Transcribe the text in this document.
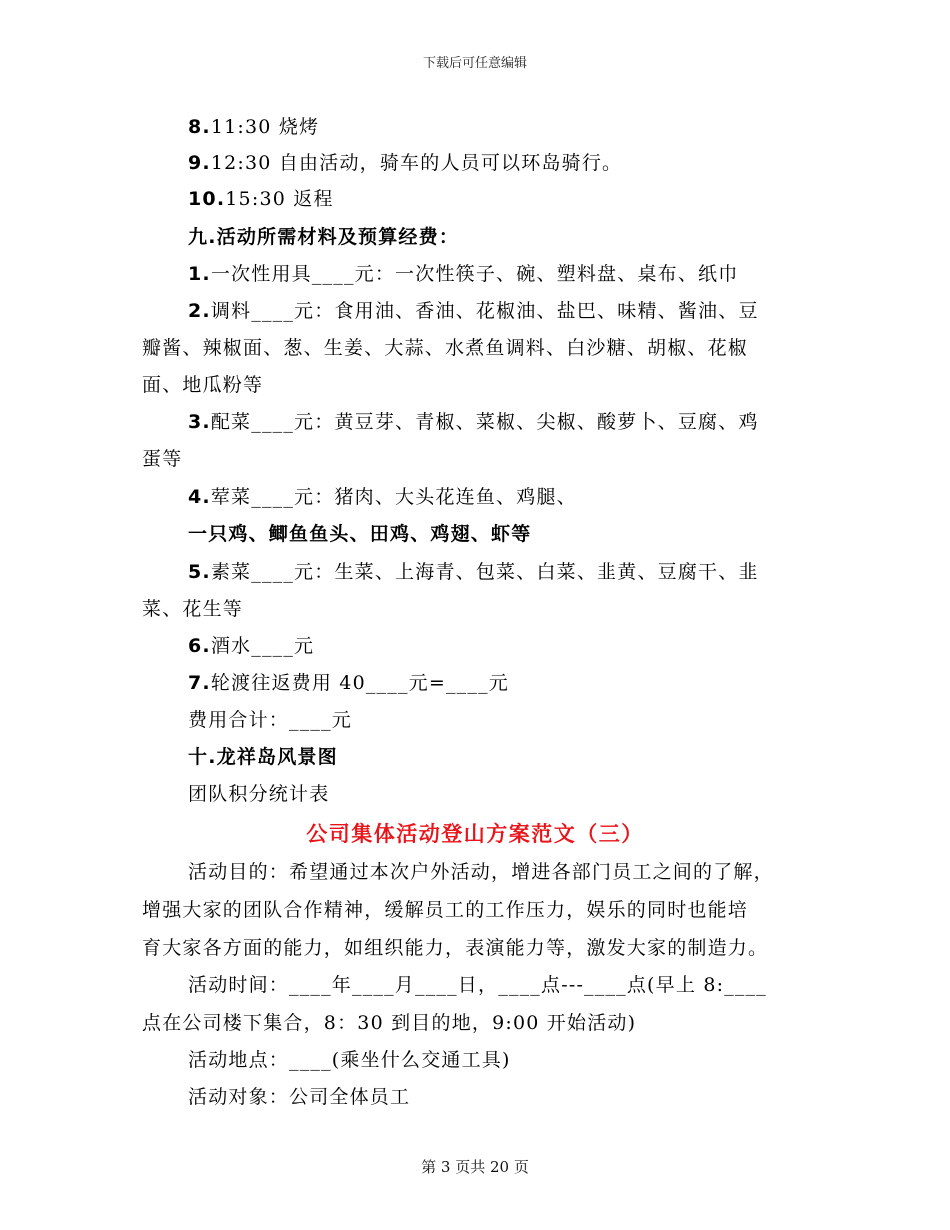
下载后可任意编辑
8.11:30 烧烤
9.12:30 自由活动，骑车的人员可以环岛骑行。
10.15:30 返程
九.活动所需材料及预算经费：
1.一次性用具____元：一次性筷子、碗、塑料盘、桌布、纸巾
2.调料____元：食用油、香油、花椒油、盐巴、味精、酱油、豆
瓣酱、辣椒面、葱、生姜、大蒜、水煮鱼调料、白沙糖、胡椒、花椒
面、地瓜粉等
3.配菜____元：黄豆芽、青椒、菜椒、尖椒、酸萝卜、豆腐、鸡
蛋等
4.荤菜____元：猪肉、大头花连鱼、鸡腿、
一只鸡、鲫鱼鱼头、田鸡、鸡翅、虾等
5.素菜____元：生菜、上海青、包菜、白菜、韭黄、豆腐干、韭
菜、花生等
6.酒水____元
7.轮渡往返费用 40____元=____元
费用合计：____元
十.龙祥岛风景图
团队积分统计表
公司集体活动登山方案范文（三）
活动目的：希望通过本次户外活动，增进各部门员工之间的了解，
增强大家的团队合作精神，缓解员工的工作压力，娱乐的同时也能培
育大家各方面的能力，如组织能力，表演能力等，激发大家的制造力。
活动时间：____年____月____日，____点---____点(早上 8:____
点在公司楼下集合，8：30 到目的地，9:00 开始活动)
活动地点：____(乘坐什么交通工具)
活动对象：公司全体员工
第 3 页共 20 页
